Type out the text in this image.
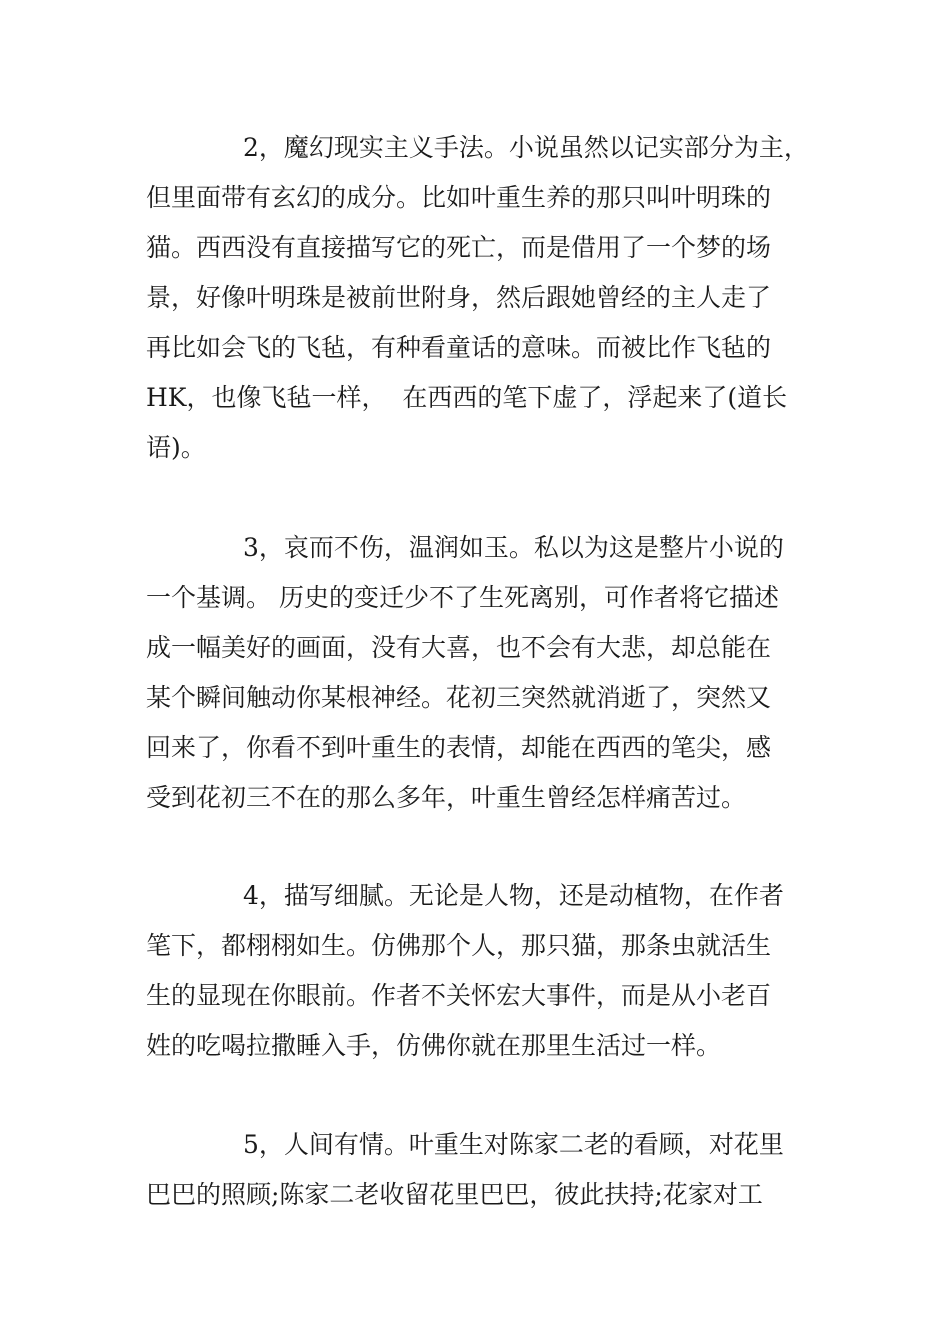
2，魔幻现实主义手法。小说虽然以记实部分为主，
但里面带有玄幻的成分。比如叶重生养的那只叫叶明珠的
猫。西西没有直接描写它的死亡，而是借用了一个梦的场
景，好像叶明珠是被前世附身，然后跟她曾经的主人走了
再比如会飞的飞毡，有种看童话的意味。而被比作飞毡的
HK，也像飞毡一样，  在西西的笔下虚了，浮起来了(道长
语)。
3，哀而不伤，温润如玉。私以为这是整片小说的
一个基调。 历史的变迁少不了生死离别，可作者将它描述
成一幅美好的画面，没有大喜，也不会有大悲，却总能在
某个瞬间触动你某根神经。花初三突然就消逝了，突然又
回来了，你看不到叶重生的表情，却能在西西的笔尖，感
受到花初三不在的那么多年，叶重生曾经怎样痛苦过。
4，描写细腻。无论是人物，还是动植物，在作者
笔下，都栩栩如生。仿佛那个人，那只猫，那条虫就活生
生的显现在你眼前。作者不关怀宏大事件，而是从小老百
姓的吃喝拉撒睡入手，仿佛你就在那里生活过一样。
5，人间有情。叶重生对陈家二老的看顾，对花里
巴巴的照顾;陈家二老收留花里巴巴，彼此扶持;花家对工
